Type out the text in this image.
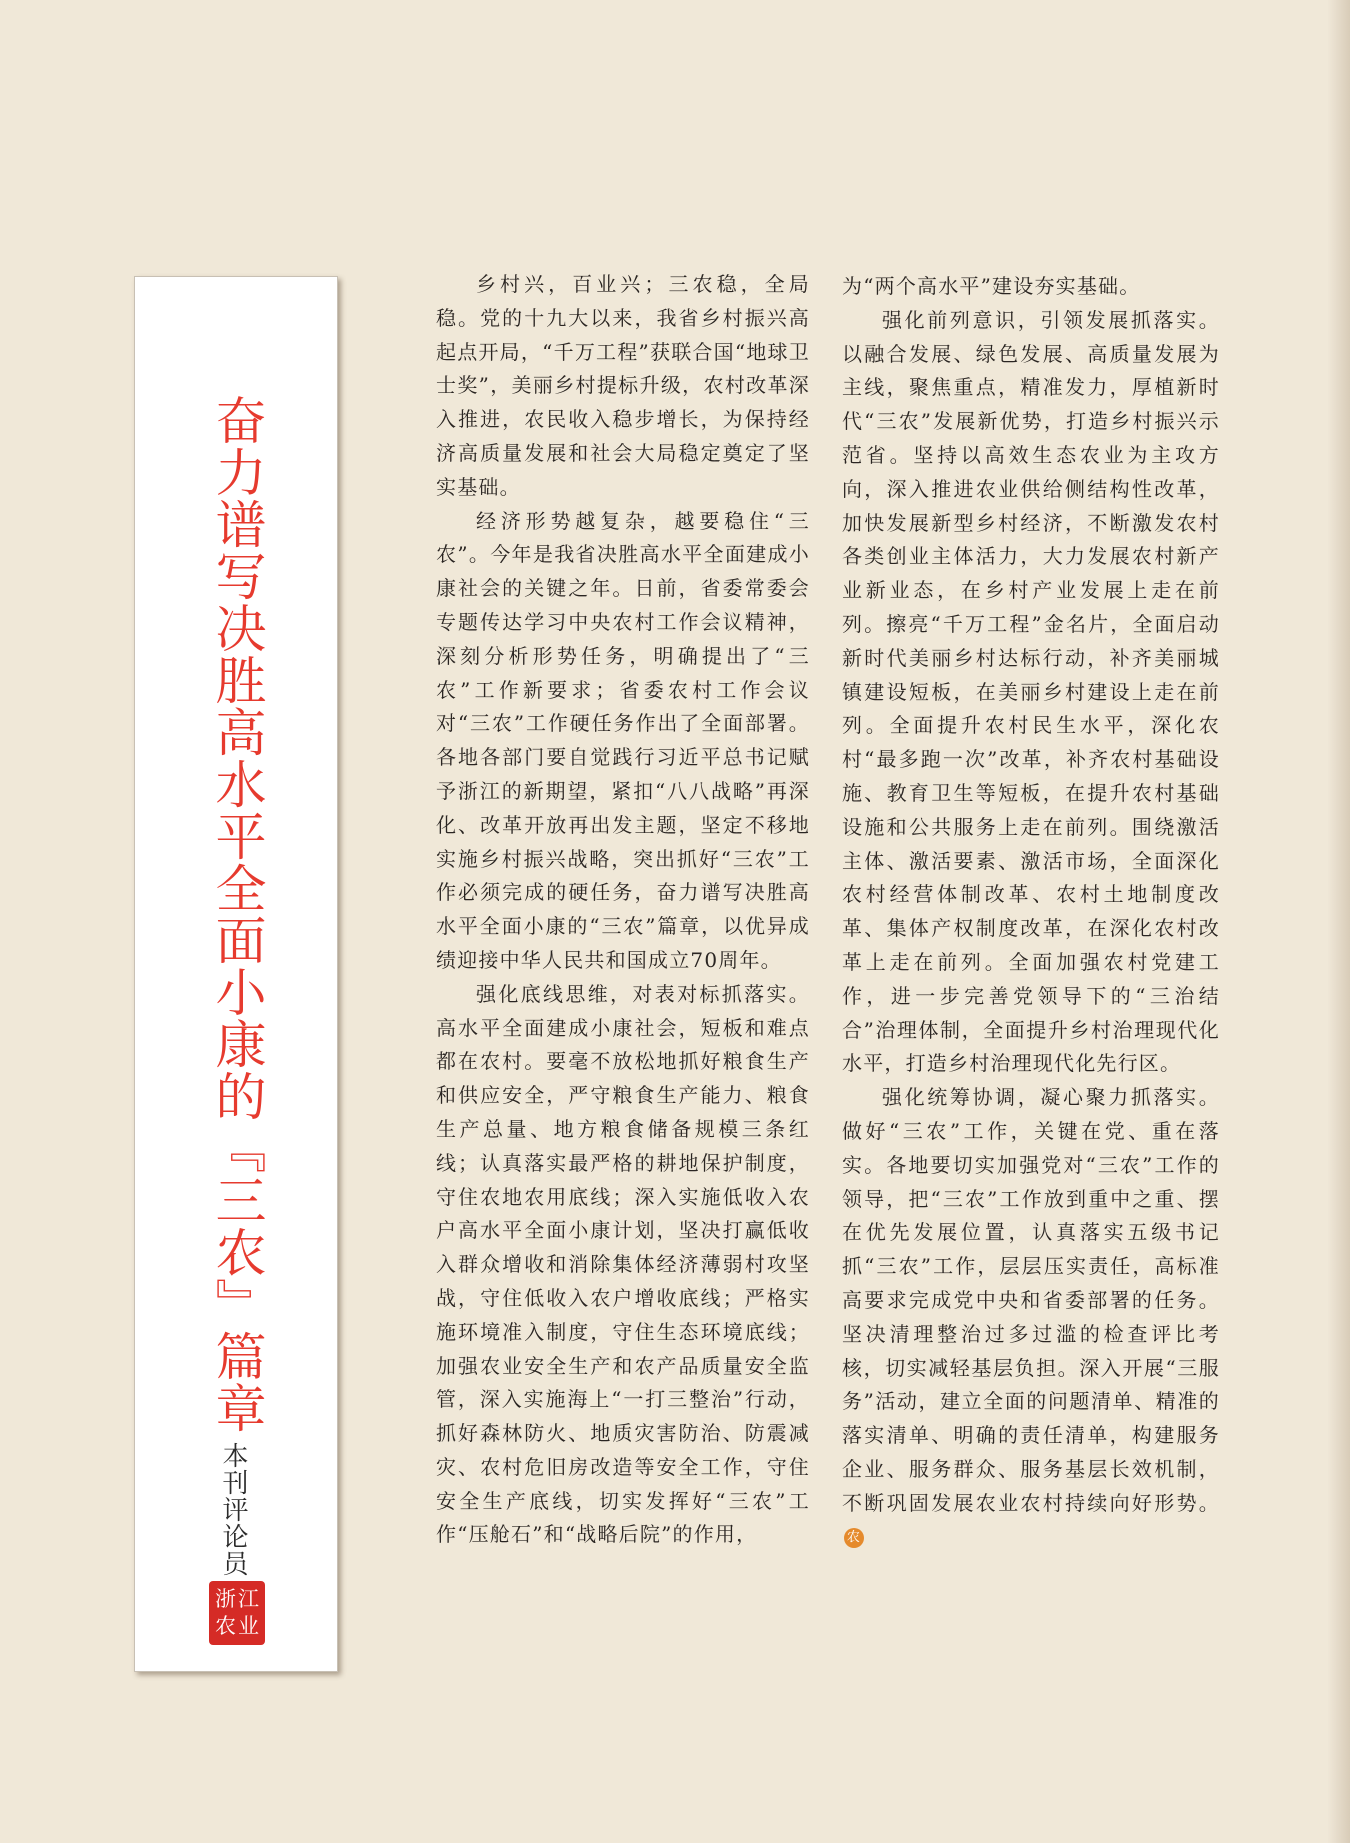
奋力谱写决胜高水平全面小康的『三农』篇章
本刊评论员
浙 江
农 业

乡村兴，百业兴；三农稳，全局稳。党的十九大以来，我省乡村振兴高起点开局，“千万工程”获联合国“地球卫士奖”，美丽乡村提标升级，农村改革深入推进，农民收入稳步增长，为保持经济高质量发展和社会大局稳定奠定了坚实基础。

经济形势越复杂，越要稳住“三农”。今年是我省决胜高水平全面建成小康社会的关键之年。日前，省委常委会专题传达学习中央农村工作会议精神，深刻分析形势任务，明确提出了“三农”工作新要求；省委农村工作会议对“三农”工作硬任务作出了全面部署。各地各部门要自觉践行习近平总书记赋予浙江的新期望，紧扣“八八战略”再深化、改革开放再出发主题，坚定不移地实施乡村振兴战略，突出抓好“三农”工作必须完成的硬任务，奋力谱写决胜高水平全面小康的“三农”篇章，以优异成绩迎接中华人民共和国成立70周年。

强化底线思维，对表对标抓落实。高水平全面建成小康社会，短板和难点都在农村。要毫不放松地抓好粮食生产和供应安全，严守粮食生产能力、粮食生产总量、地方粮食储备规模三条红线；认真落实最严格的耕地保护制度，守住农地农用底线；深入实施低收入农户高水平全面小康计划，坚决打赢低收入群众增收和消除集体经济薄弱村攻坚战，守住低收入农户增收底线；严格实施环境准入制度，守住生态环境底线；加强农业安全生产和农产品质量安全监管，深入实施海上“一打三整治”行动，抓好森林防火、地质灾害防治、防震减灾、农村危旧房改造等安全工作，守住安全生产底线，切实发挥好“三农”工作“压舱石”和“战略后院”的作用，

为“两个高水平”建设夯实基础。

强化前列意识，引领发展抓落实。以融合发展、绿色发展、高质量发展为主线，聚焦重点，精准发力，厚植新时代“三农”发展新优势，打造乡村振兴示范省。坚持以高效生态农业为主攻方向，深入推进农业供给侧结构性改革，加快发展新型乡村经济，不断激发农村各类创业主体活力，大力发展农村新产业新业态，在乡村产业发展上走在前列。擦亮“千万工程”金名片，全面启动新时代美丽乡村达标行动，补齐美丽城镇建设短板，在美丽乡村建设上走在前列。全面提升农村民生水平，深化农村“最多跑一次”改革，补齐农村基础设施、教育卫生等短板，在提升农村基础设施和公共服务上走在前列。围绕激活主体、激活要素、激活市场，全面深化农村经营体制改革、农村土地制度改革、集体产权制度改革，在深化农村改革上走在前列。全面加强农村党建工作，进一步完善党领导下的“三治结合”治理体制，全面提升乡村治理现代化水平，打造乡村治理现代化先行区。

强化统筹协调，凝心聚力抓落实。做好“三农”工作，关键在党、重在落实。各地要切实加强党对“三农”工作的领导，把“三农”工作放到重中之重、摆在优先发展位置，认真落实五级书记抓“三农”工作，层层压实责任，高标准高要求完成党中央和省委部署的任务。坚决清理整治过多过滥的检查评比考核，切实减轻基层负担。深入开展“三服务”活动，建立全面的问题清单、精准的落实清单、明确的责任清单，构建服务企业、服务群众、服务基层长效机制，不断巩固发展农业农村持续向好形势。农
